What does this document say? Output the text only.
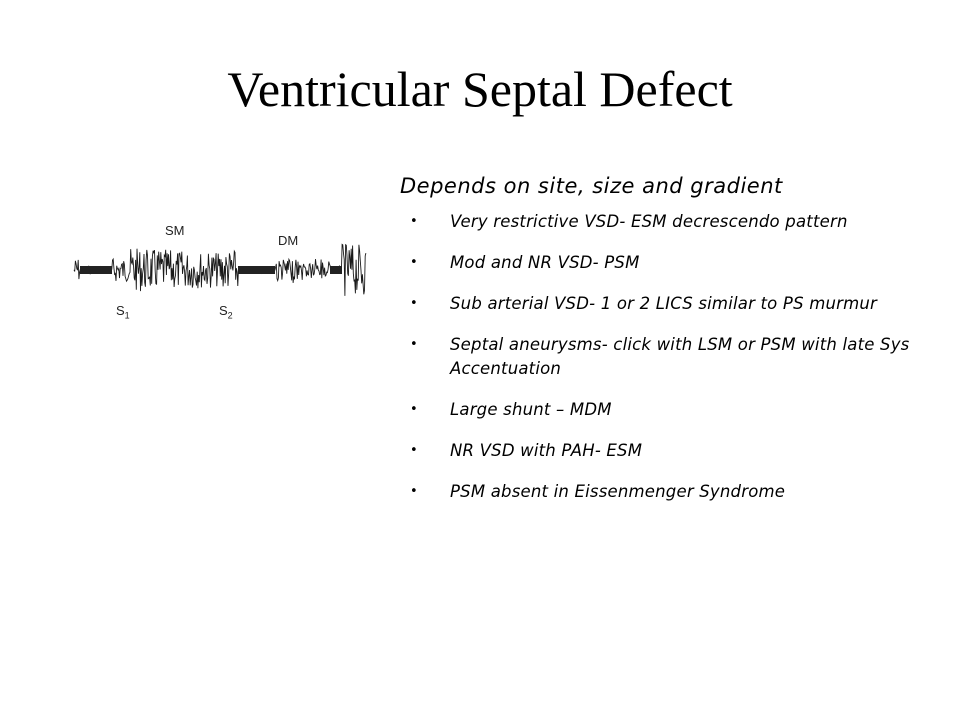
Ventricular Septal Defect
SM
DM
$S_1$	$S_2$
Depends on site, size and gradient
• Very restrictive VSD- ESM decrescendo pattern
• Mod and NR VSD- PSM
• Sub arterial VSD- 1 or 2 LICS similar to PS murmur
• Septal aneurysms- click with LSM or PSM with late Sys Accentuation
• Large shunt – MDM
• NR VSD with PAH- ESM
• PSM absent in Eissenmenger Syndrome
